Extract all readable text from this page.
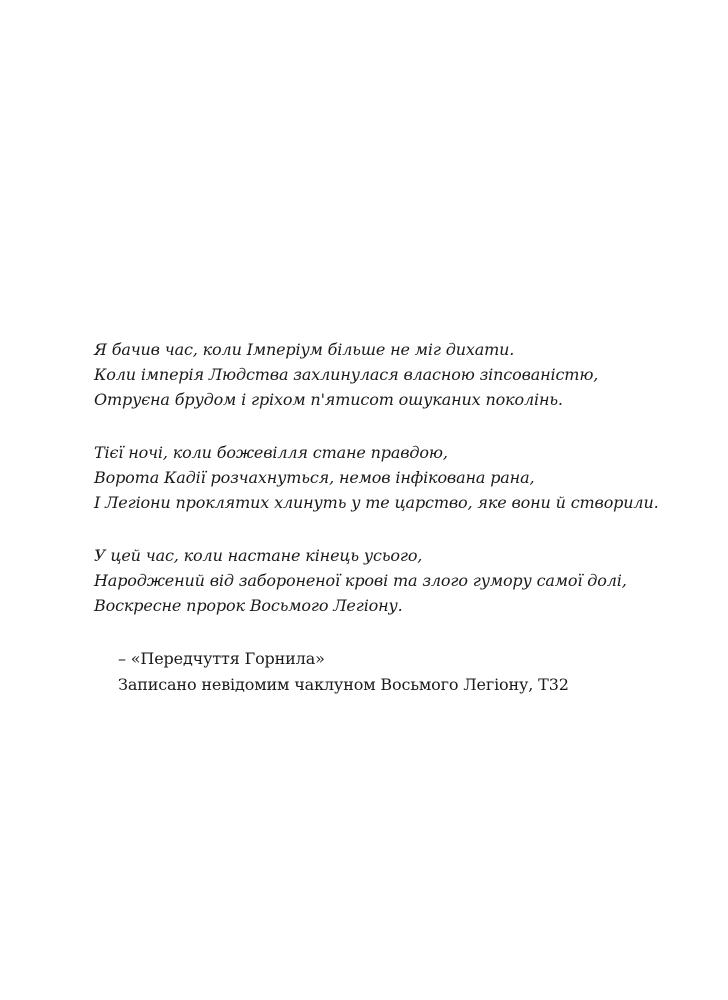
Я бачив час, коли Імперіум більше не міг дихати.
Коли імперія Людства захлинулася власною зіпсованістю,
Отруєна брудом і гріхом п'ятисот ошуканих поколінь.
Тієї ночі, коли божевілля стане правдою,
Ворота Кадії розчахнуться, немов інфікована рана,
І Легіони проклятих хлинуть у те царство, яке вони й створили.
У цей час, коли настане кінець усього,
Народжений від забороненої крові та злого гумору самої долі,
Воскресне пророк Восьмого Легіону.
– «Передчуття Горнила»
Записано невідомим чаклуном Восьмого Легіону, T32
